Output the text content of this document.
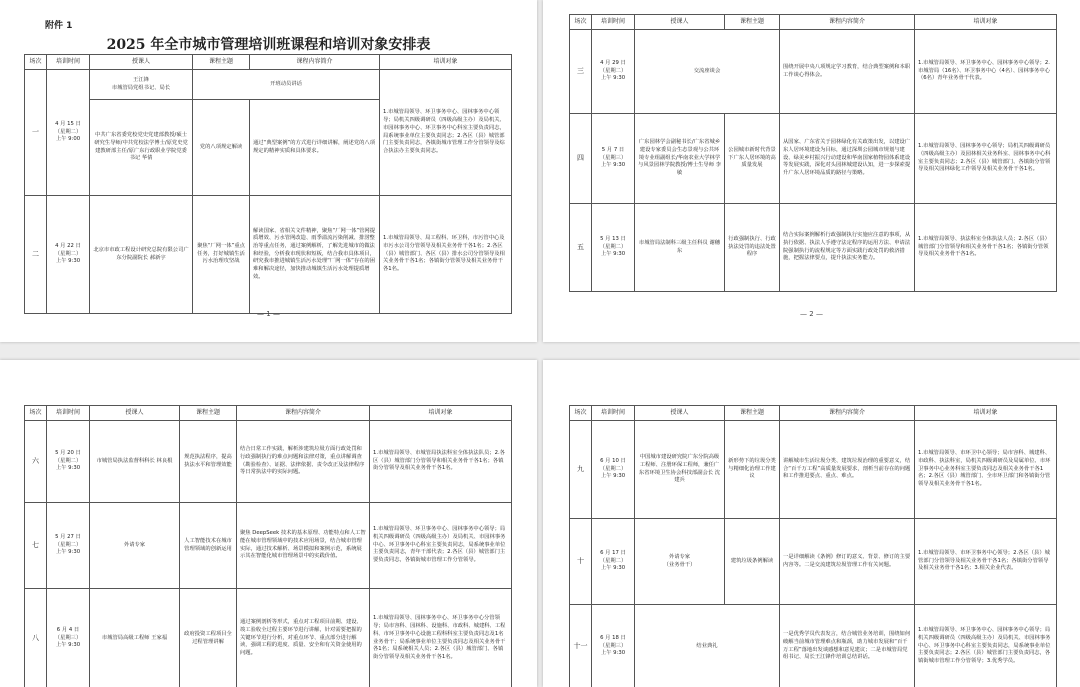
附件 1
2025 年全市城市管理培训班课程和培训对象安排表
场次	培训时间	授课人	课程主题	课程内容简介	培训对象
一	4 月 15 日
（星期二）
上午 9:00	王江锋
市城管局党组书记、局长	开班动员讲话		1.市城管局领导、环卫事务中心、园林事务中心领导；局机关四级调研员（四级高级主办）及局机关、市园林事务中心、环卫事务中心科室主要负责同志，局系统事业单位主要负责同志；2.各区（县）城管部门主要负责同志，各镇街城市管理工作分管领导及综合执法办主要负责同志。
		中共广东省委党校党史党建部教授/硕士研究生导师/中共党校法学博士/原党史党建教研部主任/原广东行政职业学院党委书记 华倩	党的八项规定解读	通过“典型案例”的方式进行详细讲解，阐述党的八项规定的精神实质和具体要求。	
二	4 月 22 日
（星期二）
上午 9:30	北京市市政工程设计研究总院有限公司广东分院副院长 郝新宇	聚焦“厂网一体”重点任务，打好城镇生活污水治理攻坚战	解读国家、省相关文件精神，聚焦“厂网一体”管网提质增效、污水管网改造、雨季溢流污染削减、排涝整治等重点任务，通过案例解析，了解先进城市的做法和经验，分析我市现状和短板，结合我市具体项目，研究我市推进城镇生活污水处理“厂网一体”存在的困难和解决途径，加快推动城镇生活污水处理提质增效。	1.市城管局领导、局工程科、环卫科，市污管中心及市污水公司分管领导及相关业务骨干各1名；2.各区（县）城管部门、各区（县）排水公司分管领导及相关业务骨干各1名；各镇街分管领导及相关业务骨干各1名。
— 1 —
场次	培训时间	授课人	课程主题	课程内容简介	培训对象
三	4 月 29 日
（星期二）
上午 9:30	交流座谈会		围绕开展中央八项规定学习教育，结合典型案例和本职工作谈心得体会。	1.市城管局领导、环卫事务中心、园林事务中心领导；2.市城管局（16名）、环卫事务中心（4名）、园林事务中心（6名）青年业务骨干代表。
四	5 月 7 日
（星期三）
上午 9:30	广东园林学会副秘书长/广东省城乡建设专家委员会生态景观与公共环境专业组副组长/华南农业大学林学与风景园林学院教授/博士生导师 李敏	公园城市新时代背景下广东人居环境的高质量发展	从国家、广东省关于园林绿化有关政策出发，以建设广东人居环境建设为目标，通过深圳公园城市规划与建设、绿美乡村振兴行动建设和华南国家植物园体系建设等发展实践，深化对头园林城建设认知，进一步探索提升广东人居环境品质的路径与策略。	1.市城管局领导、园林事务中心领导；局机关四级调研员（四级高级主办）及园林相关业务科室、园林事务中心科室主要负责同志；2.各区（县）城管部门、各镇街分管领导及相关园林绿化工作领导及相关业务骨干各1名。
五	5 月 13 日
（星期二）
上午 9:30	市城管局法制科三级主任科员 谢穗东	行政强制执行、行政执法处罚的违法处置程序	结合实际案例解析行政强制执行实施应注意的事项，从执行依据、执法人手遵守法定程序的运用方法、申请法院强制执行的流程规定等方面实践行政处罚的救济措施，把握法律要点，提升执法实务能力。	1.市城管局领导、执法科室全体执法人员；2.各区（县）城管部门分管领导和相关业务骨干各1名；各镇街分管领导及相关业务骨干各1名。
— 2 —
场次	培训时间	授课人	课程主题	课程内容简介	培训对象
六	5 月 20 日
（星期二）
上午 9:30	市城管局执法监督科科长 林良根	规范执法程序，提高执法水平和管理效能	结合日常工作实践，解析涉建筑垃圾方面行政处罚和行政强制执行的难点问题和法律对策，重点讲解调查（勘验检查）、证据、法律依据、责令改正及法律程序等日常执法中的实际问题。	1.市城管局领导、市城管局执法科室全体执法队员；2.各区（县）城管部门分管领导和相关业务骨干各1名；各镇街分管领导及相关业务骨干各1名。
七	5 月 27 日
（星期二）
上午 9:30	外请专家	人工智能技术在城市管理领域的创新运用	聚焦 DeepSeek 技术的基本原理、功能特点和人工智能在城市管理领域中的技术应用场景，结合城市管理实际，通过技术解析、场景模拟和案例示范，系统展示其在智能化城市管理场景中的实践价值。	1.市城管局领导、环卫事务中心、园林事务中心领导；局机关四级调研员（四级高级主办）及局机关、市园林事务中心、环卫事务中心科室主要负责同志，局系统事业单位主要负责同志，青年干部代表；2.各区（县）城管部门主要负责同志，各镇街城市管理工作分管领导。
八	6 月 4 日
（星期三）
上午 9:30	市城管局高级工程师 王家福	政府投资工程项目全过程管理讲解	通过案例剖析等形式，重点对工程项目前期、建设、竣工验收全过程主要环节进行讲解，针对需要把握的关键环节进行分析，对重点环节、重点部分进行解读，强调工程的进度、质量、安全和有关资金使用的问题。	1.市城管局领导、园林事务中心、环卫事务中心分管领导；局市容科、园林科、设施科、市政科、城建科、工程科、市环卫事务中心设施工程科科室主要负责同志及1名业务骨干；局系统事业单位主要负责同志及相关业务骨干各1名；局系统相关人员；2.各区（县）城管部门、各镇街分管领导及相关业务骨干各1名。
场次	培训时间	授课人	课程主题	课程内容简介	培训对象
九	6 月 10 日
（星期二）
上午 9:30	中国城市建设研究院广东分院高级工程师、注册环保工程师，兼任广东省环境卫生协会科技部副会长 沈建兵	新形势下的垃圾分类与精细化治理工作建议	讲解城市生活垃圾分类、建筑垃圾治理的重要意义，结合“百千万工程”高质量发展要求，剖析当前存在的问题和工作推进要点、重点、难点。	1.市城管局领导、市环卫中心领导；局市容科、城建科、市政科、执法科室，局机关四级调研员及局属单位、市环卫事务中心业务科室主要负责同志及相关业务骨干各1名；2.各区（县）城管部门、全市环卫部门和各镇街分管领导及相关业务骨干各1名。
十	6 月 17 日
（星期二）
上午 9:30	外请专家
（业务骨干）	建筑垃圾条例解读	一是详细解读《条例》修订的意义、背景、修订的主要内容等。二是交流建筑垃圾管理工作有关问题。	1.市城管局领导、市环卫事务中心领导；2.各区（县）城管部门分管领导及相关业务骨干各1名；各镇街分管领导及相关业务骨干各1名；3.相关企业代表。
十一	6 月 18 日
（星期三）
上午 9:30	结业典礼		一是优秀学员代表发言，结合城管业务培训，围绕如何破解当前城市管理难点和瓶颈，助力城市发展和“百千万工程”落地出发谈感想和意见建议；二是市城管局党组书记、局长王江锋作培训总结讲话。	1.市城管局领导、环卫事务中心、园林事务中心领导；局机关四级调研员（四级高级主办）及局机关、市园林事务中心、环卫事务中心科室主要负责同志，局系统事业单位主要负责同志；2.各区（县）城管部门主要负责同志，各镇街城市管理工作分管领导；3.优秀学员。
